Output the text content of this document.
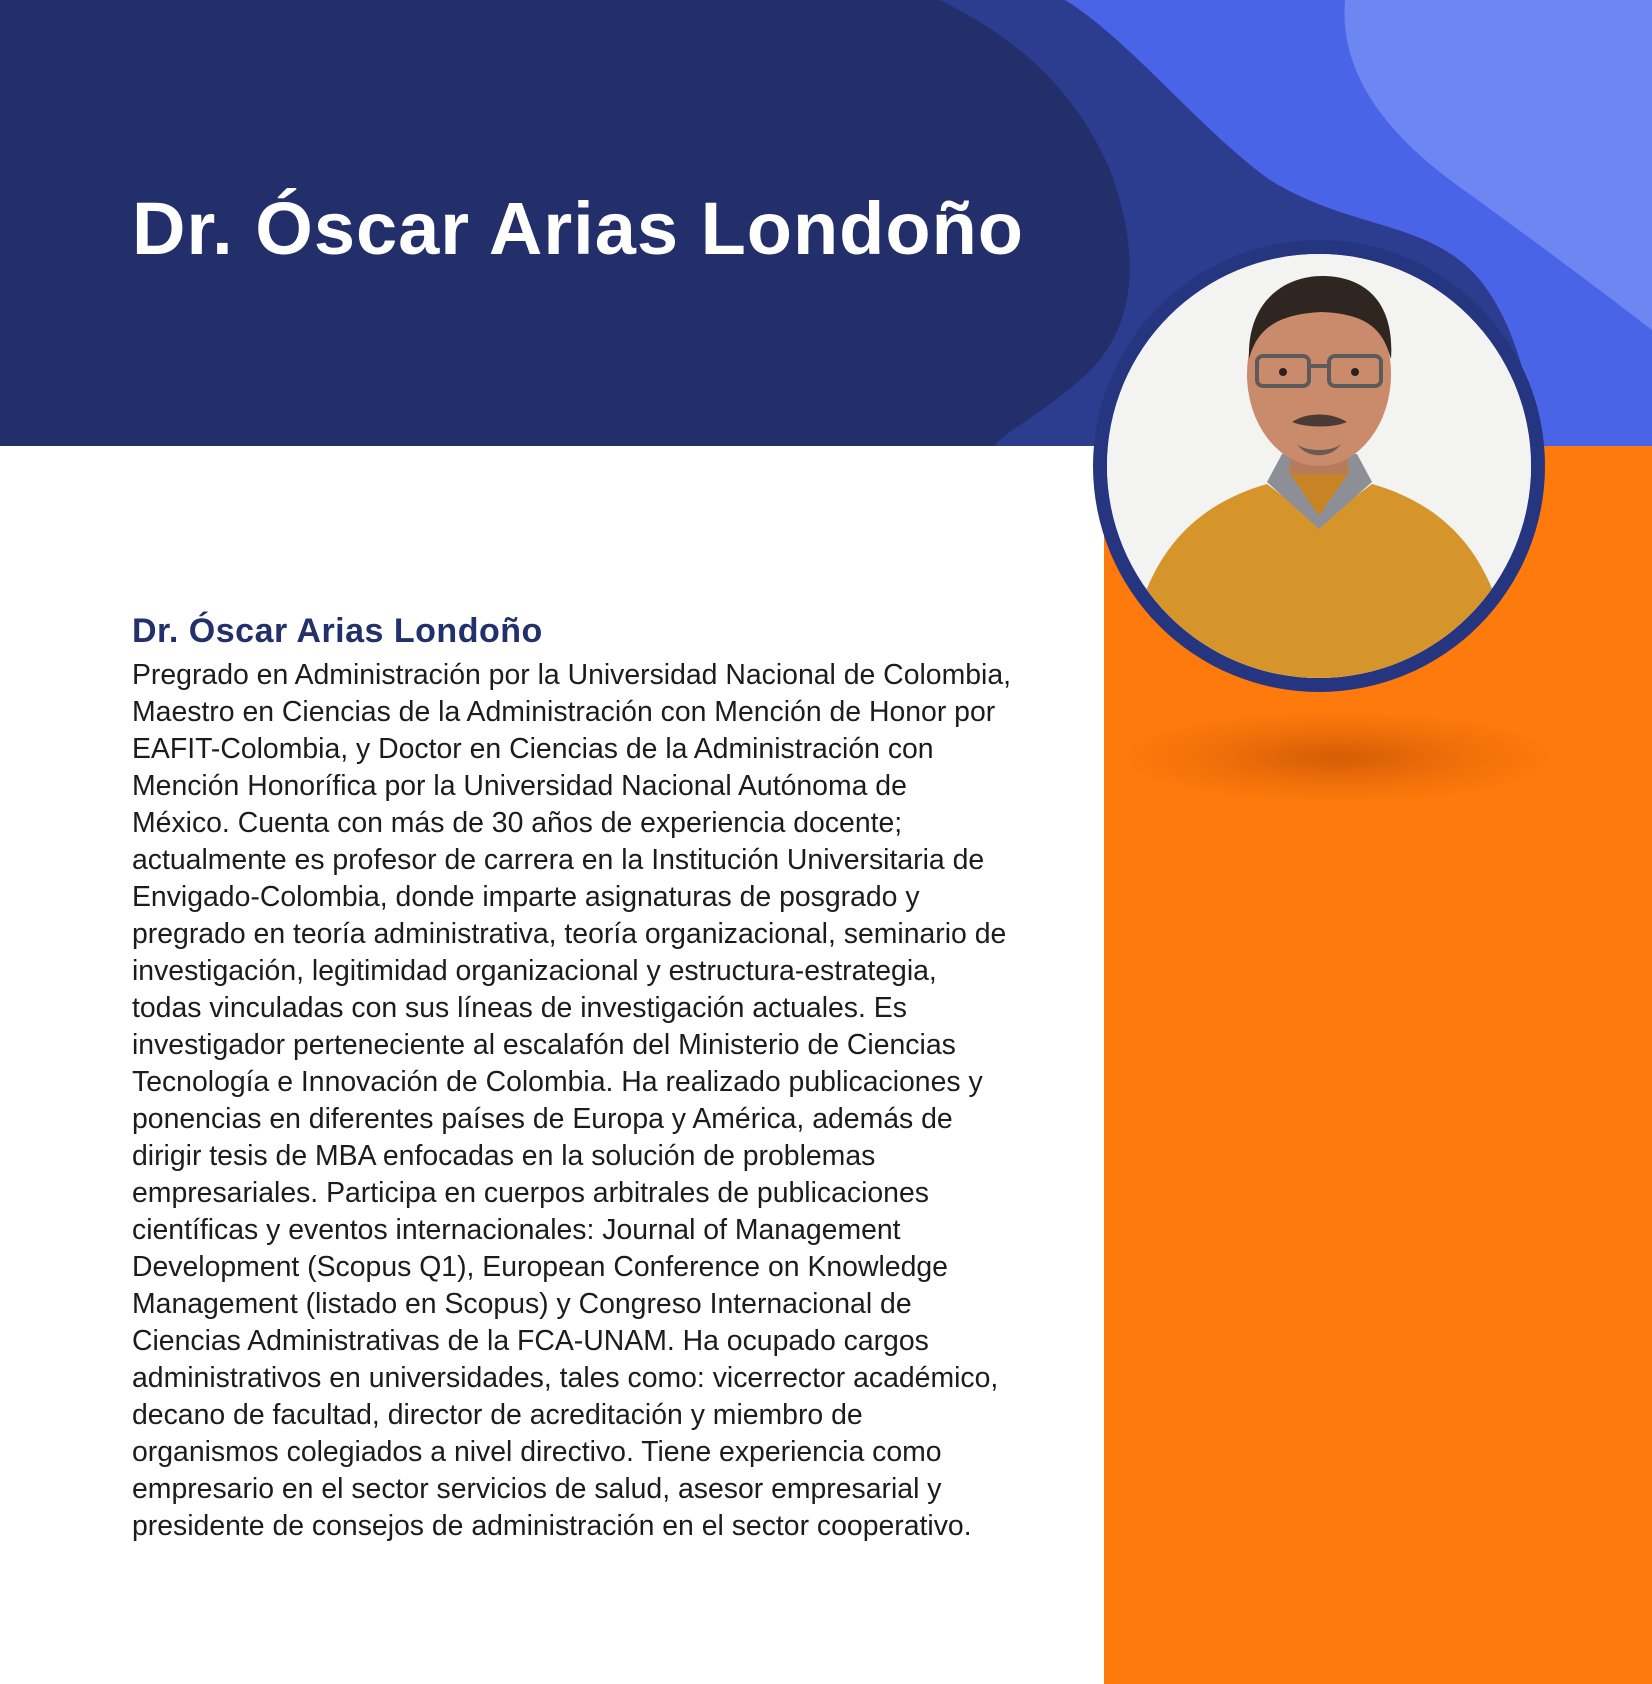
Dr. Óscar Arias Londoño
Dr. Óscar Arias Londoño

Pregrado en Administración por la Universidad Nacional de Colombia, Maestro en Ciencias de la Administración con Mención de Honor por EAFIT-Colombia, y Doctor en Ciencias de la Administración con Mención Honorífica por la Universidad Nacional Autónoma de México. Cuenta con más de 30 años de experiencia docente; actualmente es profesor de carrera en la Institución Universitaria de Envigado-Colombia, donde imparte asignaturas de posgrado y pregrado en teoría administrativa, teoría organizacional, seminario de investigación, legitimidad organizacional y estructura-estrategia, todas vinculadas con sus líneas de investigación actuales. Es investigador perteneciente al escalafón del Ministerio de Ciencias Tecnología e Innovación de Colombia. Ha realizado publicaciones y ponencias en diferentes países de Europa y América, además de dirigir tesis de MBA enfocadas en la solución de problemas empresariales. Participa en cuerpos arbitrales de publicaciones científicas y eventos internacionales: Journal of Management Development (Scopus Q1), European Conference on Knowledge Management (listado en Scopus) y Congreso Internacional de Ciencias Administrativas de la FCA-UNAM. Ha ocupado cargos administrativos en universidades, tales como: vicerrector académico, decano de facultad, director de acreditación y miembro de organismos colegiados a nivel directivo. Tiene experiencia como empresario en el sector servicios de salud, asesor empresarial y presidente de consejos de administración en el sector cooperativo.
